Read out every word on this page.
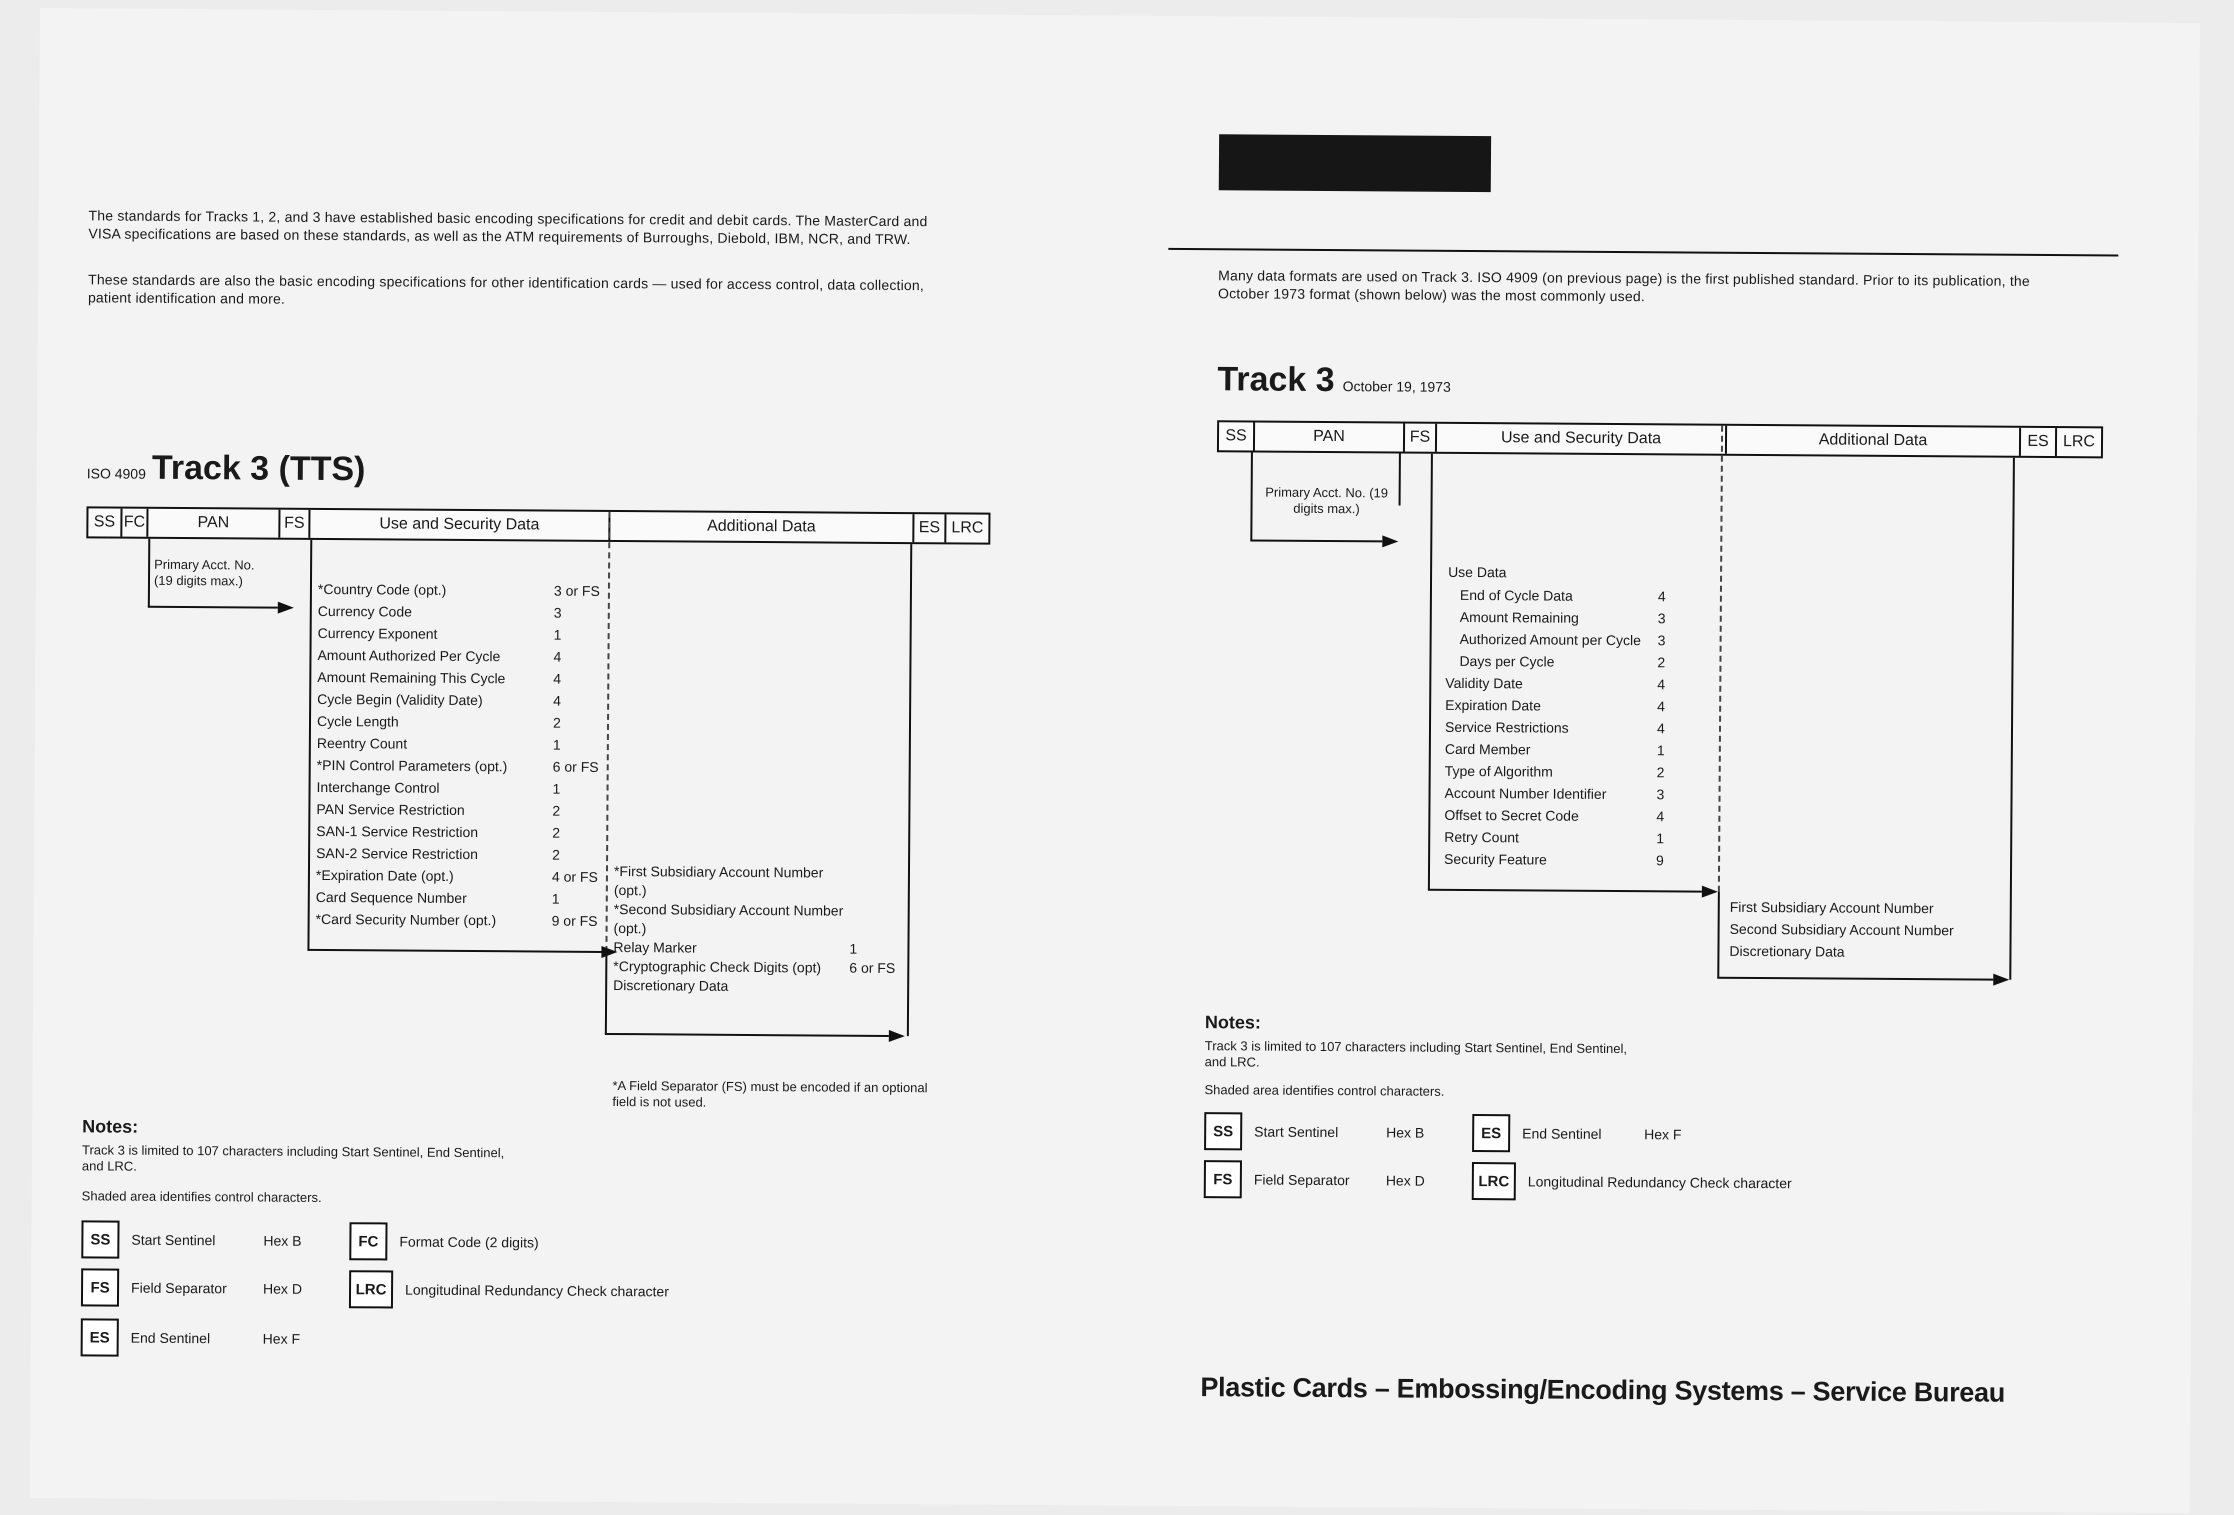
The standards for Tracks 1, 2, and 3 have established basic encoding specifications for credit and debit cards. The MasterCard and VISA specifications are based on these standards, as well as the ATM requirements of Burroughs, Diebold, IBM, NCR, and TRW.
These standards are also the basic encoding specifications for other identification cards — used for access control, data collection, patient identification and more.
ISO 4909 Track 3 (TTS)
SS FC	PAN	FS	Use and Security Data	Additional Data	ES LRC
Primary Acct. No. (19 digits max.)
*Country Code (opt.)	3 or FS
Currency Code	3
Currency Exponent	1
Amount Authorized Per Cycle	4
Amount Remaining This Cycle	4
Cycle Begin (Validity Date)	4
Cycle Length	2
Reentry Count	1
*PIN Control Parameters (opt.)	6 or FS
Interchange Control	1
PAN Service Restriction	2
SAN-1 Service Restriction	2
SAN-2 Service Restriction	2
*Expiration Date (opt.)	4 or FS
Card Sequence Number	1
*Card Security Number (opt.)	9 or FS
*First Subsidiary Account Number (opt.)
*Second Subsidiary Account Number (opt.)
Relay Marker	1
*Cryptographic Check Digits (opt)	6 or FS
Discretionary Data
*A Field Separator (FS) must be encoded if an optional field is not used.
Notes:
Track 3 is limited to 107 characters including Start Sentinel, End Sentinel, and LRC.
Shaded area identifies control characters.
SS	Start Sentinel	Hex B
FS	Field Separator	Hex D
ES	End Sentinel	Hex F
FC	Format Code (2 digits)
LRC	Longitudinal Redundancy Check character
Many data formats are used on Track 3. ISO 4909 (on previous page) is the first published standard. Prior to its publication, the October 1973 format (shown below) was the most commonly used.
Track 3 October 19, 1973
SS	PAN	FS	Use and Security Data	Additional Data	ES LRC
Primary Acct. No. (19 digits max.)
Use Data
End of Cycle Data	4
Amount Remaining	3
Authorized Amount per Cycle	3
Days per Cycle	2
Validity Date	4
Expiration Date	4
Service Restrictions	4
Card Member	1
Type of Algorithm	2
Account Number Identifier	3
Offset to Secret Code	4
Retry Count	1
Security Feature	9
First Subsidiary Account Number
Second Subsidiary Account Number
Discretionary Data
Notes:
Track 3 is limited to 107 characters including Start Sentinel, End Sentinel, and LRC.
Shaded area identifies control characters.
SS	Start Sentinel	Hex B	ES	End Sentinel	Hex F
FS	Field Separator	Hex D	LRC	Longitudinal Redundancy Check character
Plastic Cards – Embossing/Encoding Systems – Service Bureau
